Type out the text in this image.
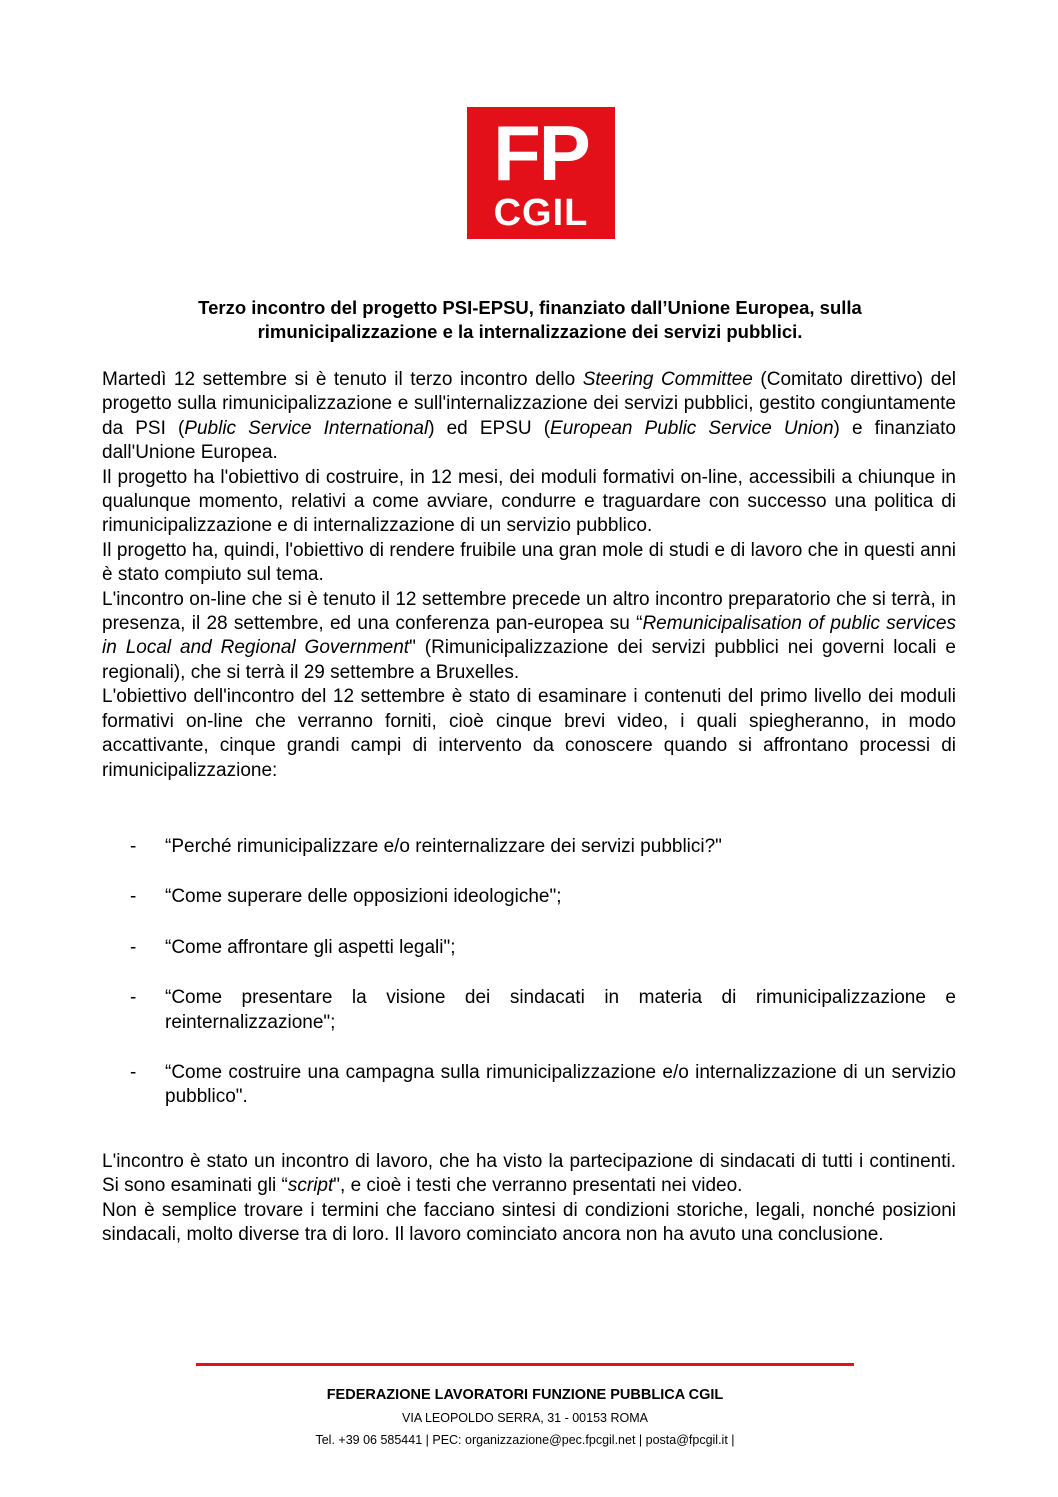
FP
CGIL
Terzo incontro del progetto PSI-EPSU, finanziato dall’Unione Europea, sulla
rimunicipalizzazione e la internalizzazione dei servizi pubblici.

Martedì 12 settembre si è tenuto il terzo incontro dello Steering Committee (Comitato direttivo) del progetto sulla rimunicipalizzazione e sull'internalizzazione dei servizi pubblici, gestito congiuntamente da PSI (Public Service International) ed EPSU (European Public Service Union) e finanziato dall'Unione Europea.

Il progetto ha l'obiettivo di costruire, in 12 mesi, dei moduli formativi on-line, accessibili a chiunque in qualunque momento, relativi a come avviare, condurre e traguardare con successo una politica di rimunicipalizzazione e di internalizzazione di un servizio pubblico.

Il progetto ha, quindi, l'obiettivo di rendere fruibile una gran mole di studi e di lavoro che in questi anni è stato compiuto sul tema.

L'incontro on-line che si è tenuto il 12 settembre precede un altro incontro preparatorio che si terrà, in presenza, il 28 settembre, ed una conferenza pan-europea su “Remunicipalisation of public services in Local and Regional Government" (Rimunicipalizzazione dei servizi pubblici nei governi locali e regionali), che si terrà il 29 settembre a Bruxelles.

L'obiettivo dell'incontro del 12 settembre è stato di esaminare i contenuti del primo livello dei moduli formativi on-line che verranno forniti, cioè cinque brevi video, i quali spiegheranno, in modo accattivante, cinque grandi campi di intervento da conoscere quando si affrontano processi di rimunicipalizzazione:

- “Perché rimunicipalizzare e/o reinternalizzare dei servizi pubblici?"
- “Come superare delle opposizioni ideologiche";
- “Come affrontare gli aspetti legali";
- “Come presentare la visione dei sindacati in materia di rimunicipalizzazione e reinternalizzazione";
- “Come costruire una campagna sulla rimunicipalizzazione e/o internalizzazione di un servizio pubblico".

L'incontro è stato un incontro di lavoro, che ha visto la partecipazione di sindacati di tutti i continenti. Si sono esaminati gli “script", e cioè i testi che verranno presentati nei video.

Non è semplice trovare i termini che facciano sintesi di condizioni storiche, legali, nonché posizioni sindacali, molto diverse tra di loro. Il lavoro cominciato ancora non ha avuto una conclusione.

FEDERAZIONE LAVORATORI FUNZIONE PUBBLICA CGIL
VIA LEOPOLDO SERRA, 31 - 00153 ROMA
Tel. +39 06 585441 | PEC: organizzazione@pec.fpcgil.net | posta@fpcgil.it |
